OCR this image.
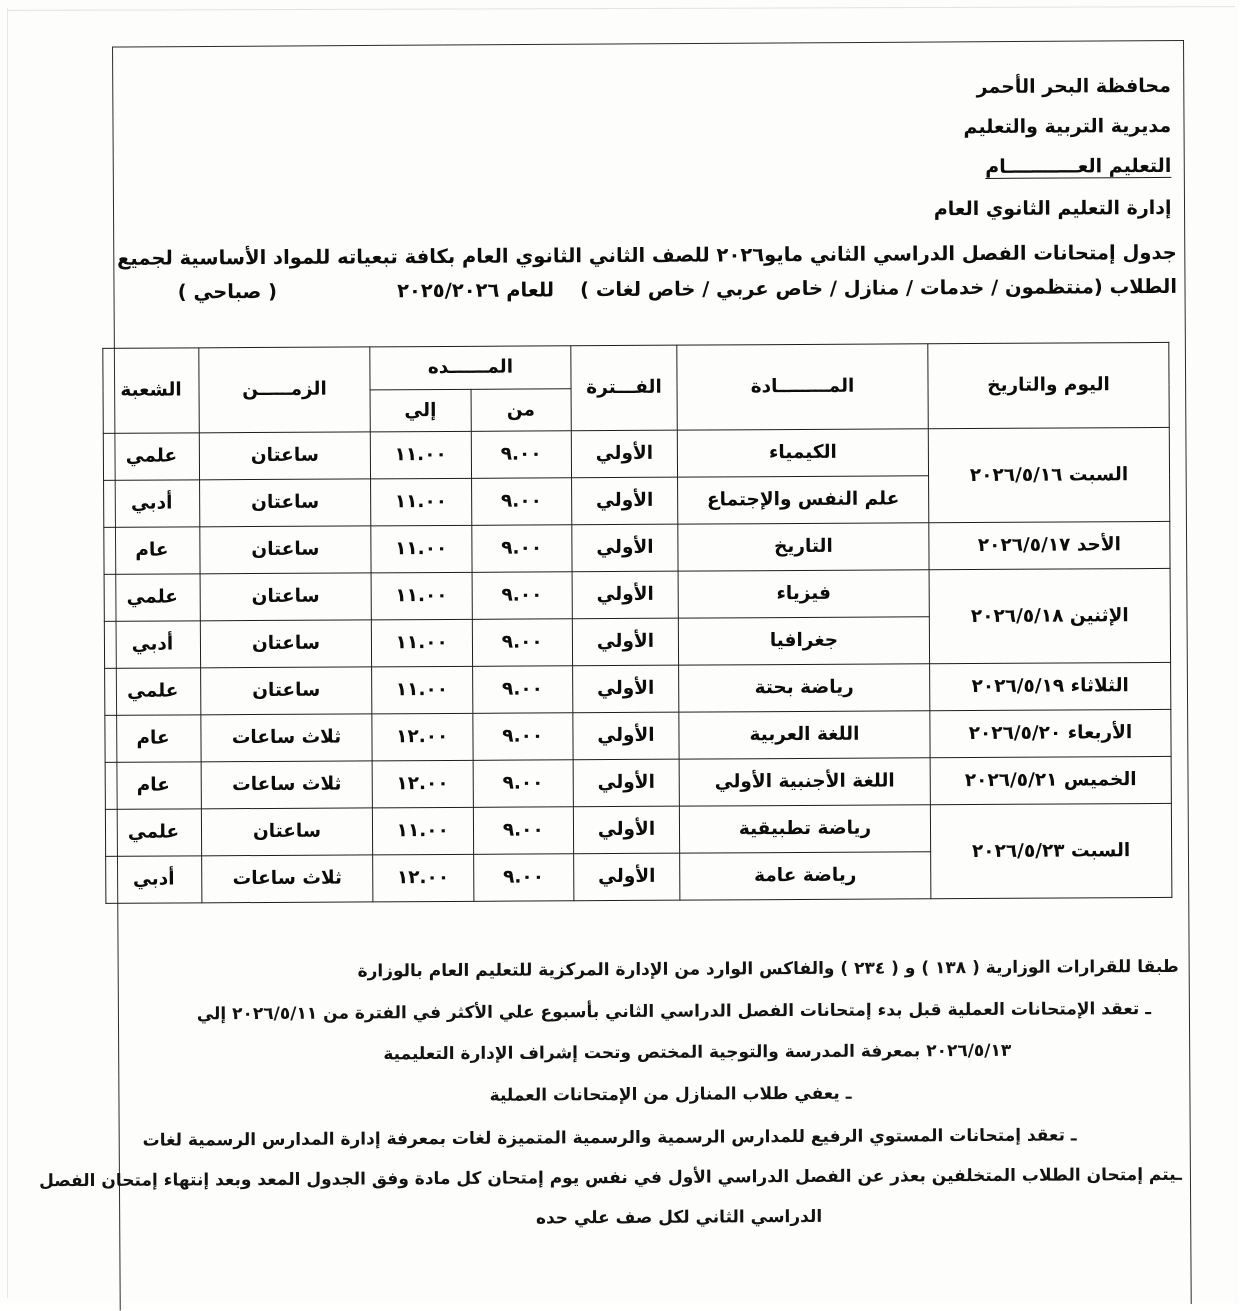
محافظة البحر الأحمر
مديرية التربية والتعليم
التعليم العـــــــــــام
إدارة التعليم الثانوي العام
جدول إمتحانات الفصل الدراسي الثاني مايو٢٠٢٦ للصف الثاني الثانوي العام بكافة تبعياته للمواد الأساسية لجميع
الطلاب (منتظمون / خدمات / منازل / خاص عربي / خاص لغات )
للعام ٢٠٢٥/٢٠٢٦
( صباحي )
اليوم والتاريخ	المــــــــادة	الفـــترة	المــــــده		الزمـــــن	الشعبة
			من	إلي		
السبت ٢٠٢٦/٥/١٦	الكيمياء	الأولي	٩.٠٠	١١.٠٠	ساعتان	علمي
	علم النفس والإجتماع	الأولي	٩.٠٠	١١.٠٠	ساعتان	أدبي
الأحد ٢٠٢٦/٥/١٧	التاريخ	الأولي	٩.٠٠	١١.٠٠	ساعتان	عام
الإثنين ٢٠٢٦/٥/١٨	فيزياء	الأولي	٩.٠٠	١١.٠٠	ساعتان	علمي
	جغرافيا	الأولي	٩.٠٠	١١.٠٠	ساعتان	أدبي
الثلاثاء ٢٠٢٦/٥/١٩	رياضة بحتة	الأولي	٩.٠٠	١١.٠٠	ساعتان	علمي
الأربعاء ٢٠٢٦/٥/٢٠	اللغة العربية	الأولي	٩.٠٠	١٢.٠٠	ثلاث ساعات	عام
الخميس ٢٠٢٦/٥/٢١	اللغة الأجنبية الأولي	الأولي	٩.٠٠	١٢.٠٠	ثلاث ساعات	عام
السبت ٢٠٢٦/٥/٢٣	رياضة تطبيقية	الأولي	٩.٠٠	١١.٠٠	ساعتان	علمي
	رياضة عامة	الأولي	٩.٠٠	١٢.٠٠	ثلاث ساعات	أدبي
طبقا للقرارات الوزارية ( ١٣٨ ) و ( ٢٣٤ ) والفاكس الوارد من الإدارة المركزية للتعليم العام بالوزارة
ـ تعقد الإمتحانات العملية قبل بدء إمتحانات الفصل الدراسي الثاني بأسبوع علي الأكثر في الفترة من ٢٠٢٦/٥/١١ إلي
٢٠٢٦/٥/١٣ بمعرفة المدرسة والتوجية المختص وتحت إشراف الإدارة التعليمية
ـ يعفي طلاب المنازل من الإمتحانات العملية
ـ تعقد إمتحانات المستوي الرفيع للمدارس الرسمية والرسمية المتميزة لغات بمعرفة إدارة المدارس الرسمية لغات
ـيتم إمتحان الطلاب المتخلفين بعذر عن الفصل الدراسي الأول في نفس يوم إمتحان كل مادة وفق الجدول المعد وبعد إنتهاء إمتحان الفصل
الدراسي الثاني لكل صف علي حده
